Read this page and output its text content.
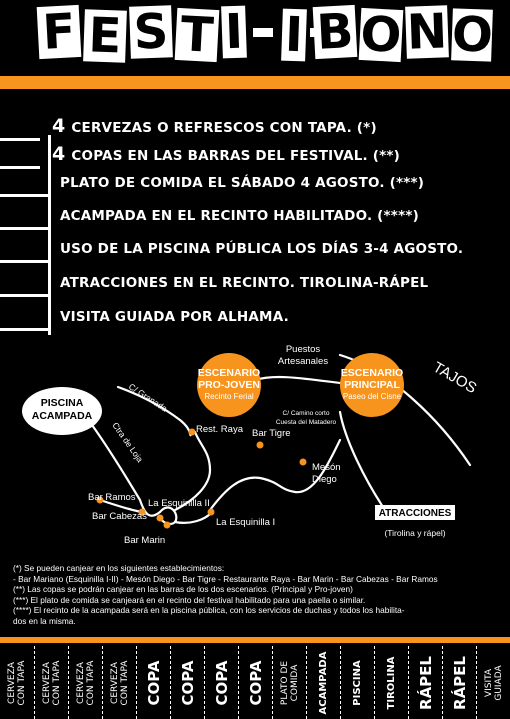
F E S T I I B O N O
4 CERVEZAS O REFRESCOS CON TAPA. (*)
4 COPAS EN LAS BARRAS DEL FESTIVAL. (**)
PLATO DE COMIDA EL SÁBADO 4 AGOSTO. (***)
ACAMPADA EN EL RECINTO HABILITADO. (****)
USO DE LA PISCINA PÚBLICA LOS DÍAS 3-4 AGOSTO.
ATRACCIONES EN EL RECINTO. TIROLINA-RÁPEL
VISITA GUIADA POR ALHAMA.
PISCINA
ACAMPADA
ESCENARIO
PRO-JOVEN
Recinto Ferial
ESCENARIO
PRINCIPAL
Paseo del Cisne
Puestos
Artesanales
C/ Camino corto
Cuesta del Matadero
TAJOS
C/ Granada
Ctra de Loja	Rest. Raya Bar Tigre
Mesón
Diego
Bar Ramos
La Esquinilla II
Bar Cabezas
La Esquinilla I
Bar Marin
ATRACCIONES
(Tirolina y rápel)
(*) Se pueden canjear en los siguientes establecimientos:
- Bar Mariano (Esquinilla I-II) - Mesón Diego - Bar Tigre - Restaurante Raya - Bar Marin - Bar Cabezas - Bar Ramos
(**) Las copas se podrán canjear en las barras de los dos escenarios. (Principal y Pro-joven)
(***) El plato de comida se canjeará en el recinto del festival habilitado para una paella o similar.
(****) El recinto de la acampada será en la piscina pública, con los servicios de duchas y todos los habilita-
dos en la misma.
CERVEZA CON TAPA CERVEZA CON TAPA CERVEZA CON TAPA CERVEZA CON TAPA COPA COPA COPA COPA PLATO DE COMIDA ACAMPADA PISCINA TIROLINA RÁPEL RÁPEL VISITA GUIADA
